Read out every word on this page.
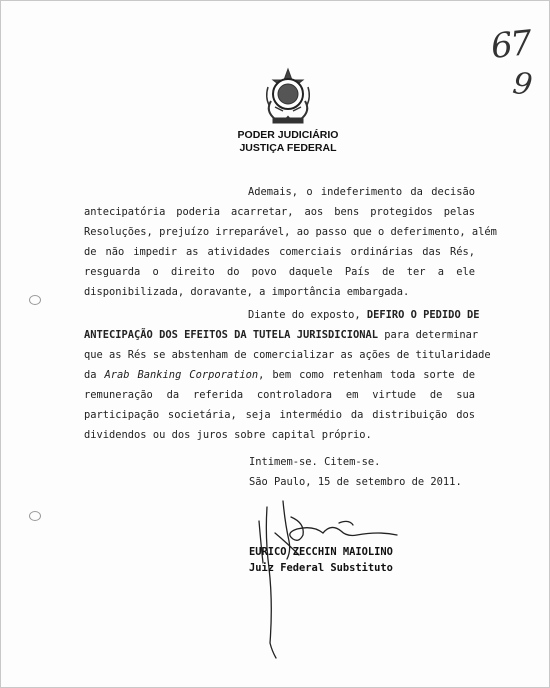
67
9
PODER JUDICIÁRIO
JUSTIÇA FEDERAL
Ademais, o indeferimento da decisão
antecipatória poderia acarretar, aos bens protegidos pelas
Resoluções, prejuízo irreparável, ao passo que o deferimento, além
de não impedir as atividades comerciais ordinárias das Rés,
resguarda o direito do povo daquele País de ter a ele
disponibilizada, doravante, a importância embargada.
Diante do exposto, DEFIRO O PEDIDO DE
ANTECIPAÇÃO DOS EFEITOS DA TUTELA JURISDICIONAL para determinar
que as Rés se abstenham de comercializar as ações de titularidade
da Arab Banking Corporation, bem como retenham toda sorte de
remuneração da referida controladora em virtude de sua
participação societária, seja intermédio da distribuição dos
dividendos ou dos juros sobre capital próprio.
Intimem-se. Citem-se.
São Paulo, 15 de setembro de 2011.
EURICO ZECCHIN MAIOLINO
Juiz Federal Substituto
